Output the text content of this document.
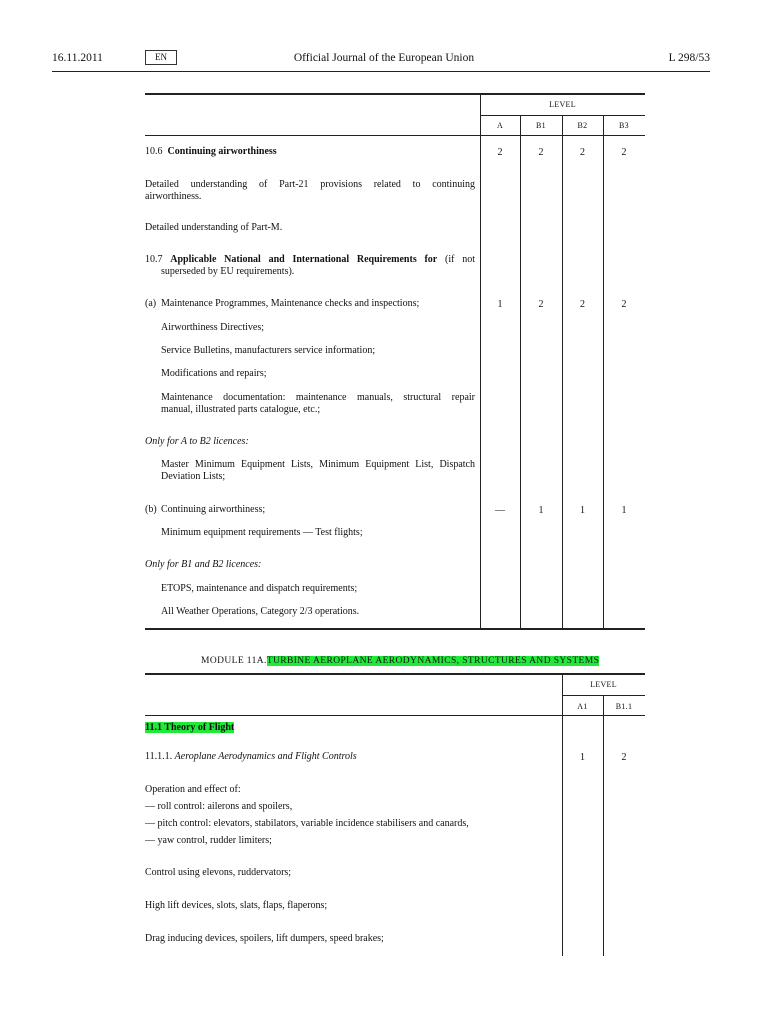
16.11.2011	EN	Official Journal of the European Union	L 298/53
LEVEL
A	B1	B2	B3
10.6 Continuing airworthiness	2	2	2	2
Detailed understanding of Part-21 provisions related to continuing
airworthiness.
Detailed understanding of Part-M.
10.7 Applicable National and International Requirements for (if not
superseded by EU requirements).
(a) Maintenance Programmes, Maintenance checks and inspections;	1	2	2	2
Airworthiness Directives;
Service Bulletins, manufacturers service information;
Modifications and repairs;
Maintenance documentation: maintenance manuals, structural repair
manual, illustrated parts catalogue, etc.;
Only for A to B2 licences:
Master Minimum Equipment Lists, Minimum Equipment List, Dispatch
Deviation Lists;
(b) Continuing airworthiness;	—	1	1	1
Minimum equipment requirements — Test flights;
Only for B1 and B2 licences:
ETOPS, maintenance and dispatch requirements;
All Weather Operations, Category 2/3 operations.
MODULE 11A.TURBINE AEROPLANE AERODYNAMICS, STRUCTURES AND SYSTEMS
LEVEL
A1	B1.1
11.1 Theory of Flight
11.1.1. Aeroplane Aerodynamics and Flight Controls	1	2
Operation and effect of:
— roll control: ailerons and spoilers,
— pitch control: elevators, stabilators, variable incidence stabilisers and canards,
— yaw control, rudder limiters;
Control using elevons, ruddervators;
High lift devices, slots, slats, flaps, flaperons;
Drag inducing devices, spoilers, lift dumpers, speed brakes;
